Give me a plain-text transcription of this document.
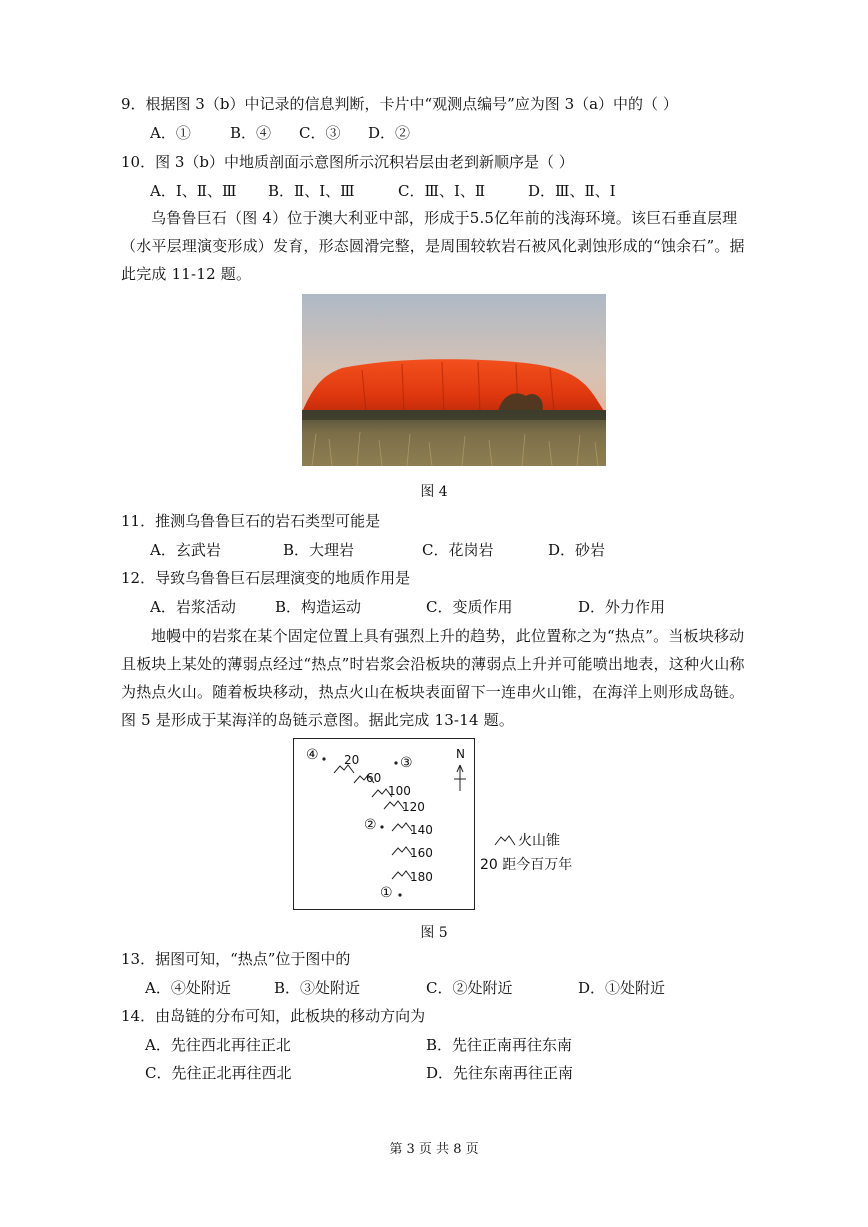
9．根据图 3（b）中记录的信息判断，卡片中“观测点编号”应为图 3（a）中的（ ）
A．①	B．④ C．③ D．②
10．图 3（b）中地质剖面示意图所示沉积岩层由老到新顺序是（ ）
A．Ⅰ、Ⅱ、Ⅲ B．Ⅱ、Ⅰ、Ⅲ	C．Ⅲ、Ⅰ、Ⅱ	D．Ⅲ、Ⅱ、Ⅰ
乌鲁鲁巨石（图 4）位于澳大利亚中部，形成于5.5亿年前的浅海环境。该巨石垂直层理（水平层理演变形成）发育，形态圆滑完整，是周围较软岩石被风化剥蚀形成的“蚀余石”。据此完成 11-12 题。
图 4
11．推测乌鲁鲁巨石的岩石类型可能是
A．玄武岩	B．大理岩	C．花岗岩	D．砂岩
12．导致乌鲁鲁巨石层理演变的地质作用是
A．岩浆活动	B．构造运动	C．变质作用	D．外力作用
地幔中的岩浆在某个固定位置上具有强烈上升的趋势，此位置称之为“热点”。当板块移动且板块上某处的薄弱点经过“热点”时岩浆会沿板块的薄弱点上升并可能喷出地表，这种火山称为热点火山。随着板块移动，热点火山在板块表面留下一连串火山锥，在海洋上则形成岛链。图 5 是形成于某海洋的岛链示意图。据此完成 13-14 题。
④	③
②
①
N
20
60
100
120
140
160
180
火山锥
20 距今百万年
图 5
13．据图可知，“热点”位于图中的
A．④处附近	B．③处附近	C．②处附近	D．①处附近
14．由岛链的分布可知，此板块的移动方向为
A．先往西北再往正北	B．先往正南再往东南
C．先往正北再往西北	D．先往东南再往正南
第 3 页 共 8 页
